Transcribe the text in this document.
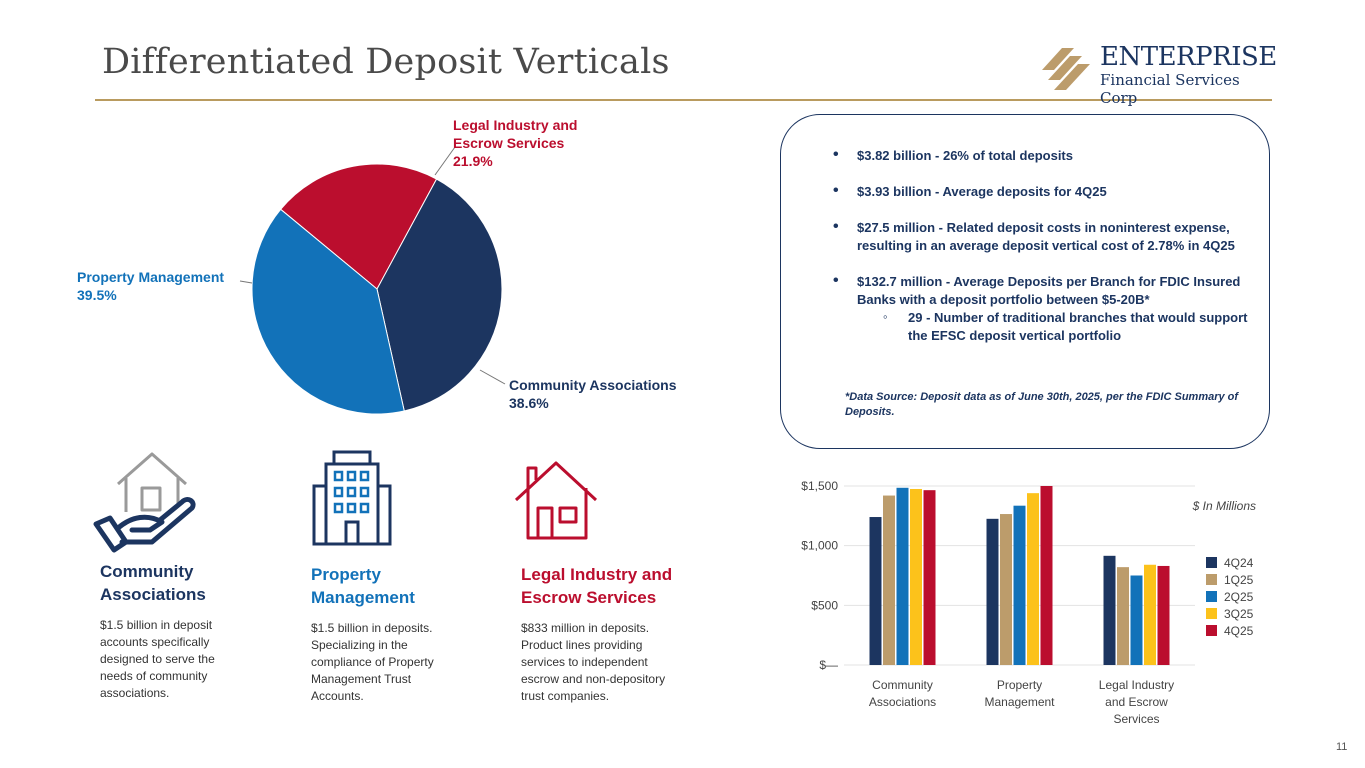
Differentiated Deposit Verticals	ENTERPRISE
Financial Services Corp
Legal Industry and Escrow Services
21.9%
Property Management
39.5%
Community Associations
38.6%
• $3.82 billion - 26% of total deposits
• $3.93 billion - Average deposits for 4Q25
• $27.5 million - Related deposit costs in noninterest expense, resulting in an average deposit vertical cost of 2.78% in 4Q25
• $132.7 million - Average Deposits per Branch for FDIC Insured Banks with a deposit portfolio between $5-20B*
◦ 29 - Number of traditional branches that would support the EFSC deposit vertical portfolio
*Data Source: Deposit data as of June 30th, 2025, per the FDIC Summary of Deposits.
Community Associations
$1.5 billion in deposit accounts specifically designed to serve the needs of community associations.
Property Management
$1.5 billion in deposits. Specializing in the compliance of Property Management Trust Accounts.
Legal Industry and Escrow Services
$833 million in deposits. Product lines providing services to independent escrow and non-depository trust companies.
$—
$500
$1,000
$1,500
Community
Associations
Property
Management
Legal Industry
and Escrow
Services
$ In Millions
4Q24
1Q25
2Q25
3Q25
4Q25
11
